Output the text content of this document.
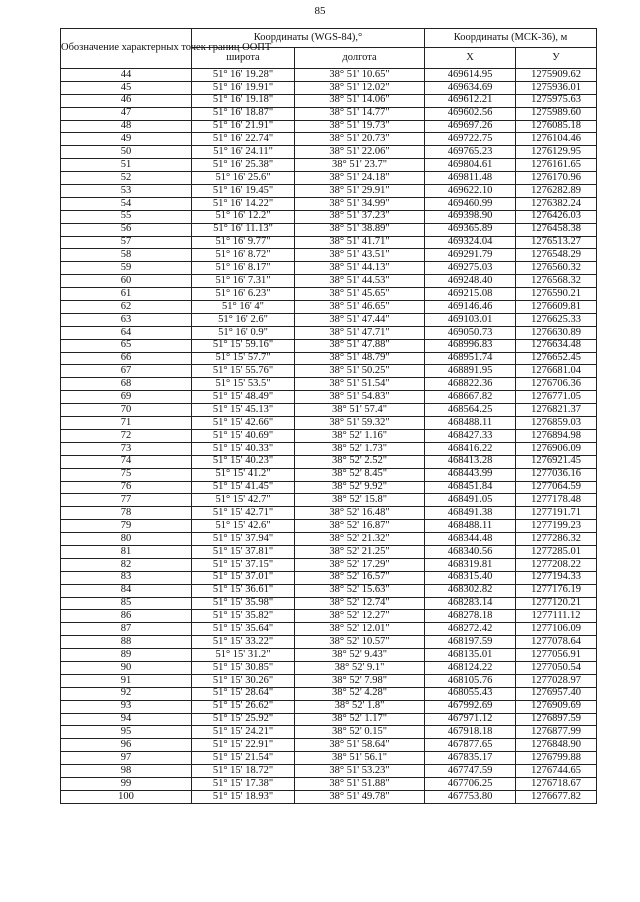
85
Обозначение характерных точек границ ООПТ	Координаты (WGS-84),°		Координаты (МСК-36), м	
	широта	долгота	X	У
44	51° 16' 19.28"	38° 51' 10.65"	469614.95	1275909.62
45	51° 16' 19.91"	38° 51' 12.02"	469634.69	1275936.01
46	51° 16' 19.18"	38° 51' 14.06"	469612.21	1275975.63
47	51° 16' 18.87"	38° 51' 14.77"	469602.56	1275989.60
48	51° 16' 21.91"	38° 51' 19.73"	469697.26	1276085.18
49	51° 16' 22.74"	38° 51' 20.73"	469722.75	1276104.46
50	51° 16' 24.11"	38° 51' 22.06"	469765.23	1276129.95
51	51° 16' 25.38"	38° 51' 23.7"	469804.61	1276161.65
52	51° 16' 25.6"	38° 51' 24.18"	469811.48	1276170.96
53	51° 16' 19.45"	38° 51' 29.91"	469622.10	1276282.89
54	51° 16' 14.22"	38° 51' 34.99"	469460.99	1276382.24
55	51° 16' 12.2"	38° 51' 37.23"	469398.90	1276426.03
56	51° 16' 11.13"	38° 51' 38.89"	469365.89	1276458.38
57	51° 16' 9.77"	38° 51' 41.71"	469324.04	1276513.27
58	51° 16' 8.72"	38° 51' 43.51"	469291.79	1276548.29
59	51° 16' 8.17"	38° 51' 44.13"	469275.03	1276560.32
60	51° 16' 7.31"	38° 51' 44.53"	469248.40	1276568.32
61	51° 16' 6.23"	38° 51' 45.65"	469215.08	1276590.21
62	51° 16' 4"	38° 51' 46.65"	469146.46	1276609.81
63	51° 16' 2.6"	38° 51' 47.44"	469103.01	1276625.33
64	51° 16' 0.9"	38° 51' 47.71"	469050.73	1276630.89
65	51° 15' 59.16"	38° 51' 47.88"	468996.83	1276634.48
66	51° 15' 57.7"	38° 51' 48.79"	468951.74	1276652.45
67	51° 15' 55.76"	38° 51' 50.25"	468891.95	1276681.04
68	51° 15' 53.5"	38° 51' 51.54"	468822.36	1276706.36
69	51° 15' 48.49"	38° 51' 54.83"	468667.82	1276771.05
70	51° 15' 45.13"	38° 51' 57.4"	468564.25	1276821.37
71	51° 15' 42.66"	38° 51' 59.32"	468488.11	1276859.03
72	51° 15' 40.69"	38° 52' 1.16"	468427.33	1276894.98
73	51° 15' 40.33"	38° 52' 1.73"	468416.22	1276906.09
74	51° 15' 40.23"	38° 52' 2.52"	468413.28	1276921.45
75	51° 15' 41.2"	38° 52' 8.45"	468443.99	1277036.16
76	51° 15' 41.45"	38° 52' 9.92"	468451.84	1277064.59
77	51° 15' 42.7"	38° 52' 15.8"	468491.05	1277178.48
78	51° 15' 42.71"	38° 52' 16.48"	468491.38	1277191.71
79	51° 15' 42.6"	38° 52' 16.87"	468488.11	1277199.23
80	51° 15' 37.94"	38° 52' 21.32"	468344.48	1277286.32
81	51° 15' 37.81"	38° 52' 21.25"	468340.56	1277285.01
82	51° 15' 37.15"	38° 52' 17.29"	468319.81	1277208.22
83	51° 15' 37.01"	38° 52' 16.57"	468315.40	1277194.33
84	51° 15' 36.61"	38° 52' 15.63"	468302.82	1277176.19
85	51° 15' 35.98"	38° 52' 12.74"	468283.14	1277120.21
86	51° 15' 35.82"	38° 52' 12.27"	468278.18	1277111.12
87	51° 15' 35.64"	38° 52' 12.01"	468272.42	1277106.09
88	51° 15' 33.22"	38° 52' 10.57"	468197.59	1277078.64
89	51° 15' 31.2"	38° 52' 9.43"	468135.01	1277056.91
90	51° 15' 30.85"	38° 52' 9.1"	468124.22	1277050.54
91	51° 15' 30.26"	38° 52' 7.98"	468105.76	1277028.97
92	51° 15' 28.64"	38° 52' 4.28"	468055.43	1276957.40
93	51° 15' 26.62"	38° 52' 1.8"	467992.69	1276909.69
94	51° 15' 25.92"	38° 52' 1.17"	467971.12	1276897.59
95	51° 15' 24.21"	38° 52' 0.15"	467918.18	1276877.99
96	51° 15' 22.91"	38° 51' 58.64"	467877.65	1276848.90
97	51° 15' 21.54"	38° 51' 56.1"	467835.17	1276799.88
98	51° 15' 18.72"	38° 51' 53.23"	467747.59	1276744.65
99	51° 15' 17.38"	38° 51' 51.88"	467706.25	1276718.67
100	51° 15' 18.93"	38° 51' 49.78"	467753.80	1276677.82
